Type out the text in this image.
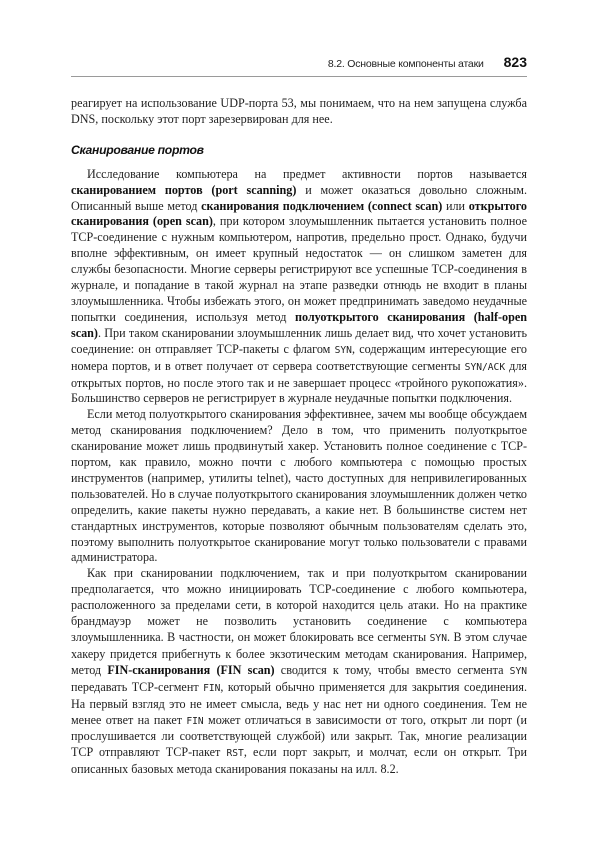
8.2. Основные компоненты атаки 823

реагирует на использование UDP-порта 53, мы понимаем, что на нем запущена служба DNS, поскольку этот порт зарезервирован для нее.

Сканирование портов

Исследование компьютера на предмет активности портов называется сканированием портов (port scanning) и может оказаться довольно сложным. Описанный выше метод сканирования подключением (connect scan) или открытого сканирования (open scan), при котором злоумышленник пытается установить полное TCP-соединение с нужным компьютером, напротив, предельно прост. Однако, будучи вполне эффективным, он имеет крупный недостаток — он слишком заметен для службы безопасности. Многие серверы регистрируют все успешные TCP-соединения в журнале, и попадание в такой журнал на этапе разведки отнюдь не входит в планы злоумышленника. Чтобы избежать этого, он может предпринимать заведомо неудачные попытки соединения, используя метод полуоткрытого сканирования (half-open scan). При таком сканировании злоумышленник лишь делает вид, что хочет установить соединение: он отправляет TCP-пакеты с флагом SYN, содержащим интересующие его номера портов, и в ответ получает от сервера соответствующие сегменты SYN/ACK для открытых портов, но после этого так и не завершает процесс «тройного рукопожатия». Большинство серверов не регистрирует в журнале неудачные попытки подключения.

Если метод полуоткрытого сканирования эффективнее, зачем мы вообще обсуждаем метод сканирования подключением? Дело в том, что применить полуоткрытое сканирование может лишь продвинутый хакер. Установить полное соединение с TCP-портом, как правило, можно почти с любого компьютера с помощью простых инструментов (например, утилиты telnet), часто доступных для непривилегированных пользователей. Но в случае полуоткрытого сканирования злоумышленник должен четко определить, какие пакеты нужно передавать, а какие нет. В большинстве систем нет стандартных инструментов, которые позволяют обычным пользователям сделать это, поэтому выполнить полуоткрытое сканирование могут только пользователи с правами администратора.

Как при сканировании подключением, так и при полуоткрытом сканировании предполагается, что можно инициировать TCP-соединение с любого компьютера, расположенного за пределами сети, в которой находится цель атаки. Но на практике брандмауэр может не позволить установить соединение с компьютера злоумышленника. В частности, он может блокировать все сегменты SYN. В этом случае хакеру придется прибегнуть к более экзотическим методам сканирования. Например, метод FIN-сканирования (FIN scan) сводится к тому, чтобы вместо сегмента SYN передавать TCP-сегмент FIN, который обычно применяется для закрытия соединения. На первый взгляд это не имеет смысла, ведь у нас нет ни одного соединения. Тем не менее ответ на пакет FIN может отличаться в зависимости от того, открыт ли порт (и прослушивается ли соответствующей службой) или закрыт. Так, многие реализации TCP отправляют TCP-пакет RST, если порт закрыт, и молчат, если он открыт. Три описанных базовых метода сканирования показаны на илл. 8.2.
